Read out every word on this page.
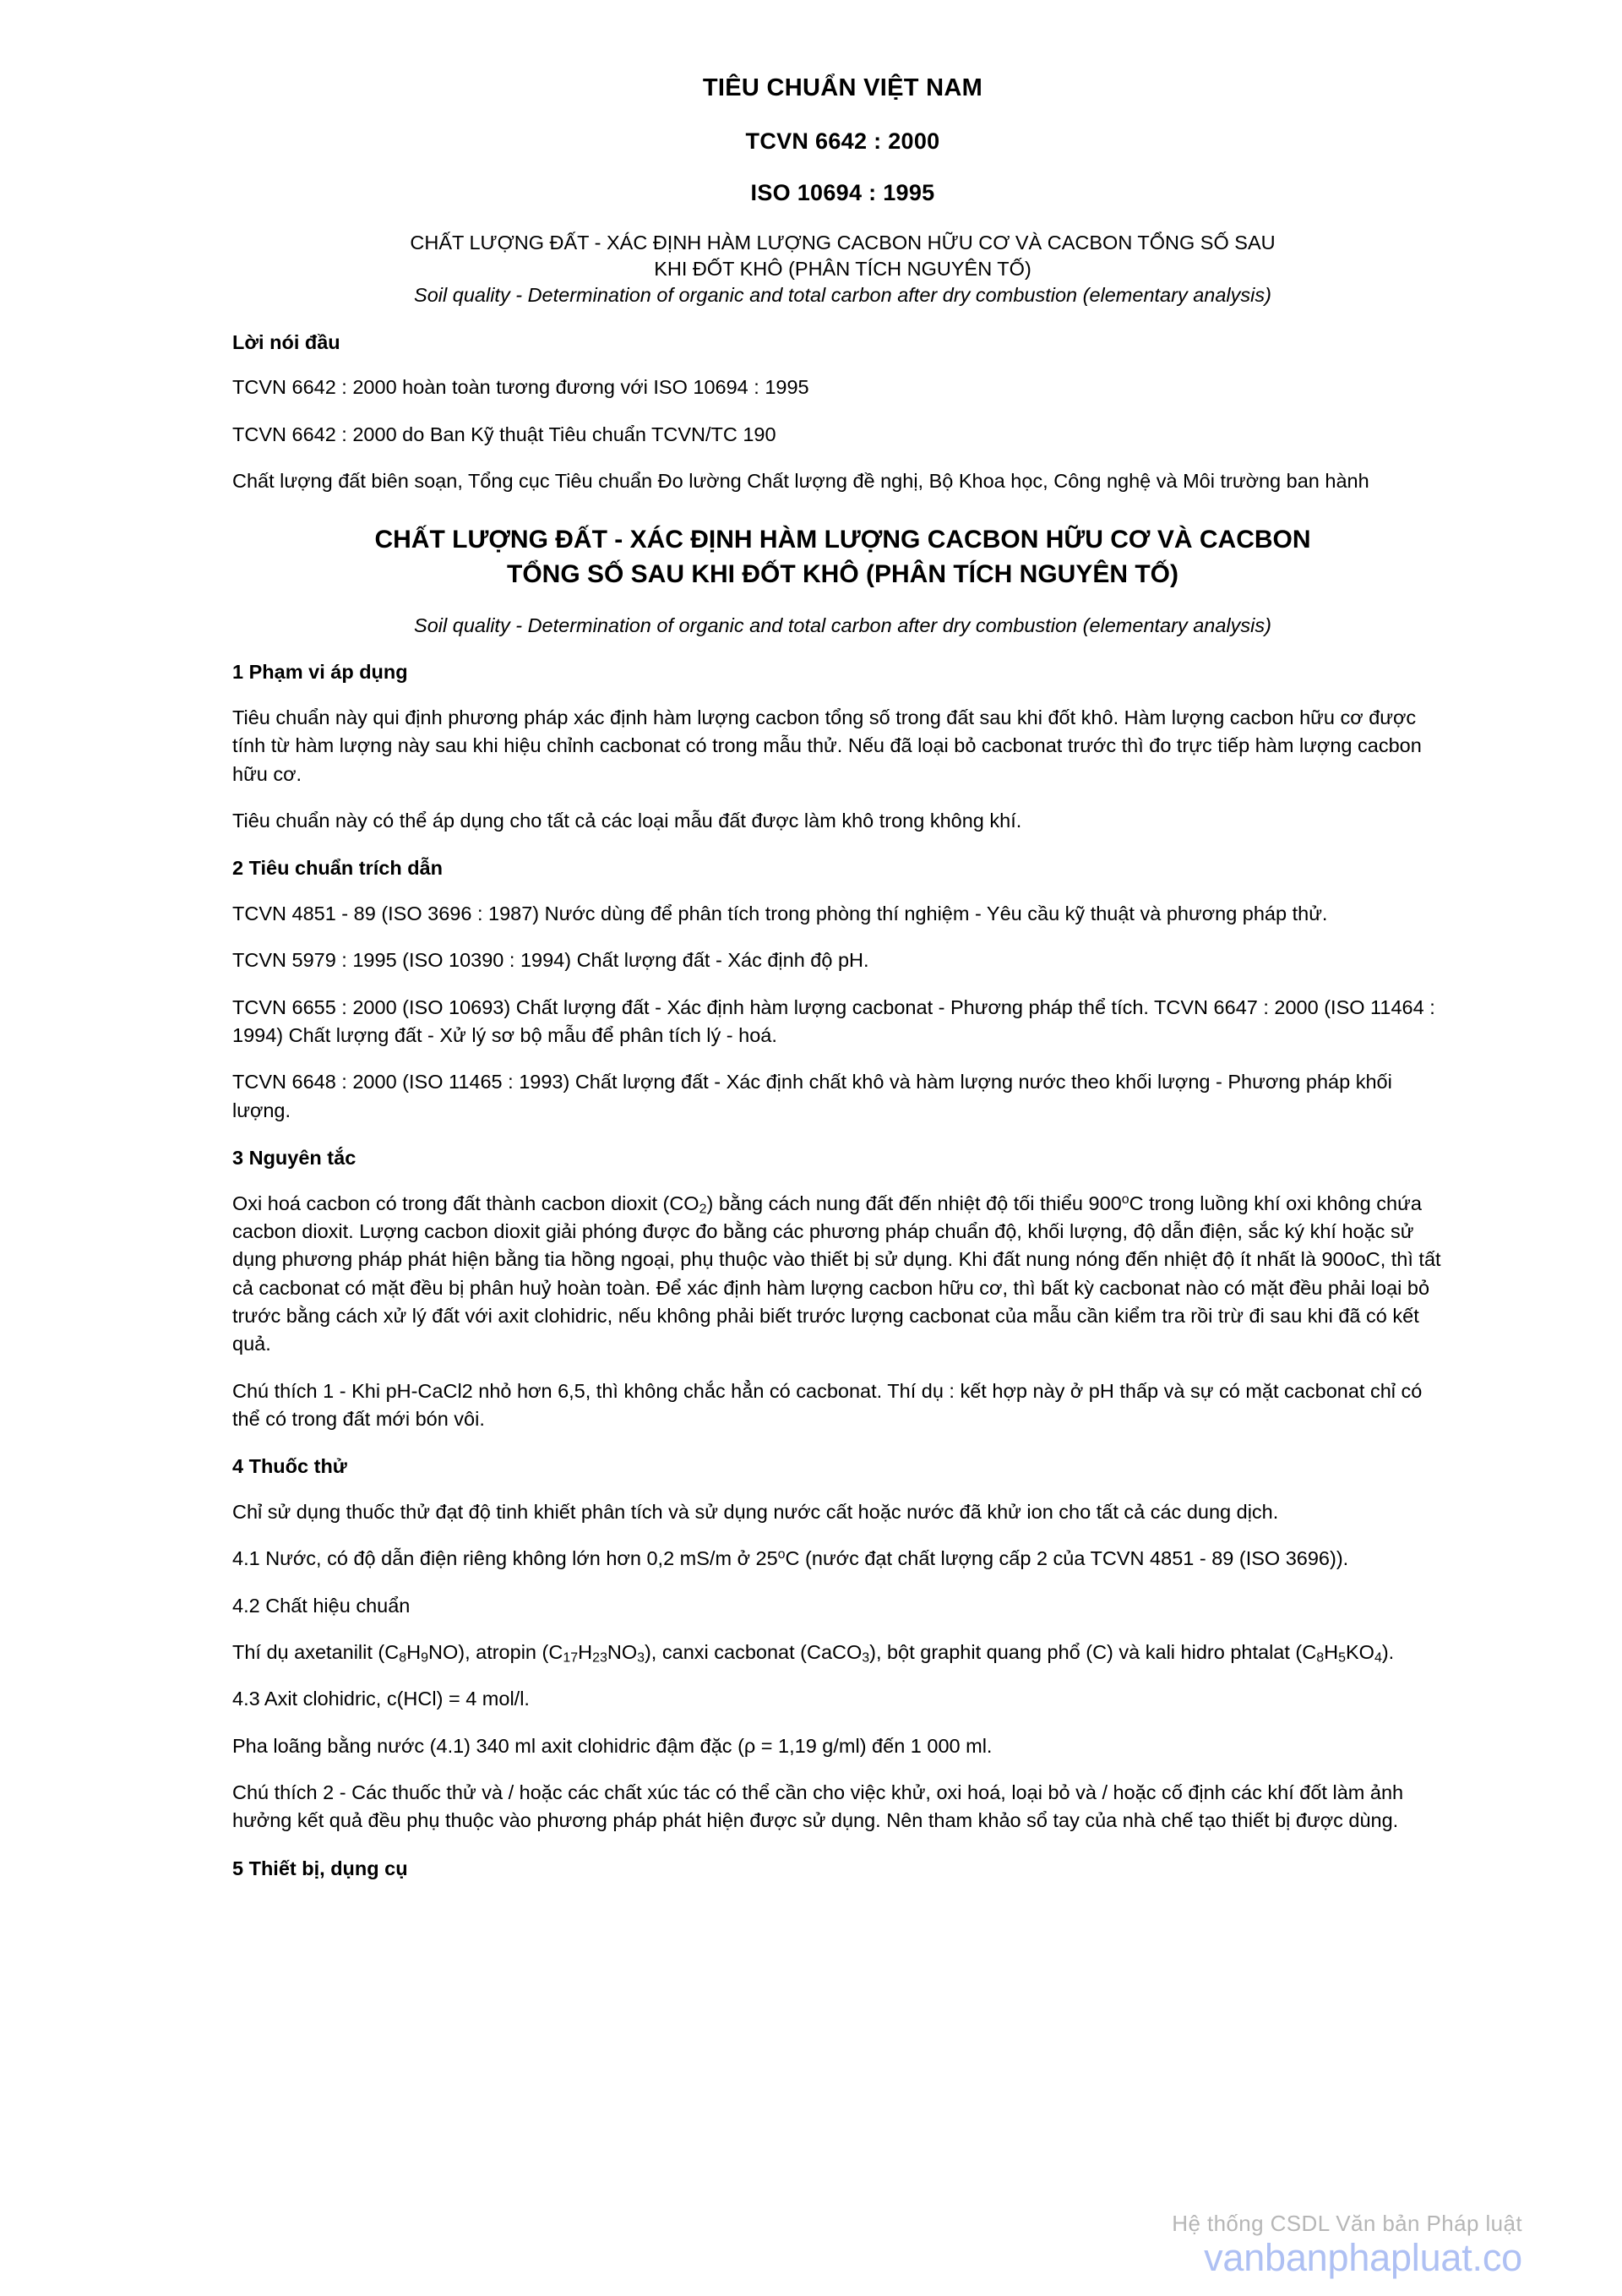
TIÊU CHUẨN VIỆT NAM
TCVN 6642 : 2000
ISO 10694 : 1995
CHẤT LƯỢNG ĐẤT - XÁC ĐỊNH HÀM LƯỢNG CACBON HỮU CƠ VÀ CACBON TỔNG SỐ SAU
KHI ĐỐT KHÔ (PHÂN TÍCH NGUYÊN TỐ)
Soil quality - Determination of organic and total carbon after dry combustion (elementary analysis)
Lời nói đầu

TCVN 6642 : 2000 hoàn toàn tương đương với ISO 10694 : 1995

TCVN 6642 : 2000 do Ban Kỹ thuật Tiêu chuẩn TCVN/TC 190

Chất lượng đất biên soạn, Tổng cục Tiêu chuẩn Đo lường Chất lượng đề nghị, Bộ Khoa học, Công nghệ và Môi trường ban hành

CHẤT LƯỢNG ĐẤT - XÁC ĐỊNH HÀM LƯỢNG CACBON HỮU CƠ VÀ CACBON
TỔNG SỐ SAU KHI ĐỐT KHÔ (PHÂN TÍCH NGUYÊN TỐ)
Soil quality - Determination of organic and total carbon after dry combustion (elementary analysis)
1 Phạm vi áp dụng

Tiêu chuẩn này qui định phương pháp xác định hàm lượng cacbon tổng số trong đất sau khi đốt khô. Hàm lượng cacbon hữu cơ được tính từ hàm lượng này sau khi hiệu chỉnh cacbonat có trong mẫu thử. Nếu đã loại bỏ cacbonat trước thì đo trực tiếp hàm lượng cacbon hữu cơ.

Tiêu chuẩn này có thể áp dụng cho tất cả các loại mẫu đất được làm khô trong không khí.

2 Tiêu chuẩn trích dẫn

TCVN 4851 - 89 (ISO 3696 : 1987) Nước dùng để phân tích trong phòng thí nghiệm - Yêu cầu kỹ thuật và phương pháp thử.

TCVN 5979 : 1995 (ISO 10390 : 1994) Chất lượng đất - Xác định độ pH.

TCVN 6655 : 2000 (ISO 10693) Chất lượng đất - Xác định hàm lượng cacbonat - Phương pháp thể tích. TCVN 6647 : 2000 (ISO 11464 : 1994) Chất lượng đất - Xử lý sơ bộ mẫu để phân tích lý - hoá.

TCVN 6648 : 2000 (ISO 11465 : 1993) Chất lượng đất - Xác định chất khô và hàm lượng nước theo khối lượng - Phương pháp khối lượng.

3 Nguyên tắc

Oxi hoá cacbon có trong đất thành cacbon dioxit $(CO_2)$ bằng cách nung đất đến nhiệt độ tối thiểu 900$^o$C trong luồng khí oxi không chứa cacbon dioxit. Lượng cacbon dioxit giải phóng được đo bằng các phương pháp chuẩn độ, khối lượng, độ dẫn điện, sắc ký khí hoặc sử dụng phương pháp phát hiện bằng tia hồng ngoại, phụ thuộc vào thiết bị sử dụng. Khi đất nung nóng đến nhiệt độ ít nhất là 900oC, thì tất cả cacbonat có mặt đều bị phân huỷ hoàn toàn. Để xác định hàm lượng cacbon hữu cơ, thì bất kỳ cacbonat nào có mặt đều phải loại bỏ trước bằng cách xử lý đất với axit clohidric, nếu không phải biết trước lượng cacbonat của mẫu cần kiểm tra rồi trừ đi sau khi đã có kết quả.

Chú thích 1 - Khi pH-CaCl2 nhỏ hơn 6,5, thì không chắc hẳn có cacbonat. Thí dụ : kết hợp này ở pH thấp và sự có mặt cacbonat chỉ có thể có trong đất mới bón vôi.

4 Thuốc thử

Chỉ sử dụng thuốc thử đạt độ tinh khiết phân tích và sử dụng nước cất hoặc nước đã khử ion cho tất cả các dung dịch.

4.1 Nước, có độ dẫn điện riêng không lớn hơn 0,2 mS/m ở 25$^o$C (nước đạt chất lượng cấp 2 của TCVN 4851 - 89 (ISO 3696)).

4.2 Chất hiệu chuẩn

Thí dụ axetanilit $(C_8H_9NO)$, atropin $(C_{17}H_{23}NO_3)$, canxi cacbonat (CaCO$_3$), bột graphit quang phổ (C) và kali hidro phtalat $(C_8H_5KO_4)$.

4.3 Axit clohidric, c(HCl) = 4 mol/l.

Pha loãng bằng nước (4.1) 340 ml axit clohidric đậm đặc (ρ = 1,19 g/ml) đến 1 000 ml.

Chú thích 2 - Các thuốc thử và / hoặc các chất xúc tác có thể cần cho việc khử, oxi hoá, loại bỏ và / hoặc cố định các khí đốt làm ảnh hưởng kết quả đều phụ thuộc vào phương pháp phát hiện được sử dụng. Nên tham khảo sổ tay của nhà chế tạo thiết bị được dùng.

5 Thiết bị, dụng cụ
Hệ thống CSDL Văn bản Pháp luật
vanbanphapluat.co
